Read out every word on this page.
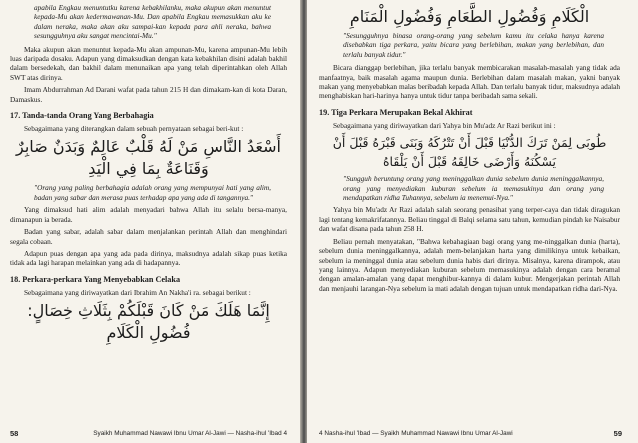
apabila Engkau menuntutku karena kebakhilanku, maka akupun akan menuntut kepada-Mu akan kedermawanan-Mu. Dan apabila Engkau memasukkan aku ke dalam neraka, maka akan aku sampai-kan kepada para ahli neraka, bahwa sesungguhnya aku sangat mencintai-Mu."

Maka akupun akan menuntut kepada-Mu akan ampunan-Mu, karena ampunan-Mu lebih luas daripada dosaku. Adapun yang dimaksudkan dengan kata kebakhilan disini adalah bakhil dalam bersedekah, dan bakhil dalam menunaikan apa yang telah diperintahkan oleh Allah SWT atas dirinya.

Imam Abdurrahman Ad Darani wafat pada tahun 215 H dan dimakam-kan di kota Daran, Damaskus.

17. Tanda-tanda Orang Yang Berbahagia

Sebagaimana yang diterangkan dalam sebuah pernyataan sebagai beri-kut :

أَسْعَدُ النَّاسِ مَنْ لَهُ قَلْبٌ عَالِمٌ وَبَدَنٌ صَابِرٌ وَقَنَاعَةٌ بِمَا فِي الْيَدِ

"Orang yang paling berbahagia adalah orang yang mempunyai hati yang alim, badan yang sabar dan merasa puas terhadap apa yang ada di tangannya."

Yang dimaksud hati alim adalah menyadari bahwa Allah itu selalu bersa-manya, dimanapun ia berada.

Badan yang sabar, adalah sabar dalam menjalankan perintah Allah dan menghindari segala cobaan.

Adapun puas dengan apa yang ada pada dirinya, maksudnya adalah sikap puas ketika tidak ada lagi harapan melainkan yang ada di hadapannya.

18. Perkara-perkara Yang Menyebabkan Celaka

Sebagaimana yang diriwayatkan dari Ibrahim An Nakha'i ra. sebagai berikut :

إِنَّمَا هَلَكَ مَنْ كَانَ قَبْلَكُمْ بِثَلَاثِ خِصَالٍ: فُضُولِ الْكَلَامِ
58	Syaikh Muhammad Nawawi Ibnu Umar Al-Jawi — Nasha-ihul 'Ibad 4
الْكَلَامِ وَفُضُولِ الطَّعَامِ وَفُضُولِ الْمَنَامِ

"Sesungguhnya binasa orang-orang yang sebelum kamu itu celaka hanya karena disebabkan tiga perkara, yaitu bicara yang berlebihan, makan yang berlebihan, dan terlalu banyak tidur."

Bicara dianggap berlebihan, jika terlalu banyak membicarakan masalah-masalah yang tidak ada manfaatnya, baik masalah agama maupun dunia. Berlebihan dalam masalah makan, yakni banyak makan yang menyebabkan malas beribadah kepada Allah. Dan terlalu banyak tidur, maksudnya adalah menghabiskan hari-harinya hanya untuk tidur tanpa beribadah sama sekali.

19. Tiga Perkara Merupakan Bekal Akhirat

Sebagaimana yang diriwayatkan dari Yahya bin Mu'adz Ar Razi berikut ini :

طُوبَى لِمَنْ تَرَكَ الدُّنْيَا قَبْلَ أَنْ تَتْرُكَهُ وَبَنَى قَبْرَهُ قَبْلَ أَنْ يَسْكُنَهُ وَأَرْضَى خَالِقَهُ قَبْلَ أَنْ يَلْقَاهُ

"Sungguh beruntung orang yang meninggalkan dunia sebelum dunia meninggalkannya, orang yang menyediakan kuburan sebelum ia memasukinya dan orang yang mendapatkan ridha Tuhannya, sebelum ia menemui-Nya."

Yahya bin Mu'adz Ar Razi adalah salah seorang penasihat yang terper-caya dan tidak diragukan lagi tentang kemakrifatannya. Beliau tinggal di Balqi selama satu tahun, kemudian pindah ke Naisabur dan wafat disana pada tahun 258 H.

Beliau pernah menyatakan, "Bahwa kebahagiaan bagi orang yang me-ninggalkan dunia (harta), sebelum dunia meninggalkannya, adalah mem-belanjakan harta yang dimilikinya untuk kebaikan, sebelum ia meninggal dunia atau sebelum dunia habis dari dirinya. Misalnya, karena dirampok, atau yang lainnya. Adapun menyediakan kuburan sebelum memasukinya adalah dengan cara beramal dengan amalan-amalan yang dapat menghibur-kannya di dalam kubur. Mengerjakan perintah Allah dan menjauhi larangan-Nya sebelum ia mati adalah dengan tujuan untuk mendapatkan ridha dari-Nya.

4 Nasha-ihul 'Ibad — Syaikh Muhammad Nawawi Ibnu Umar Al-Jawi	59
